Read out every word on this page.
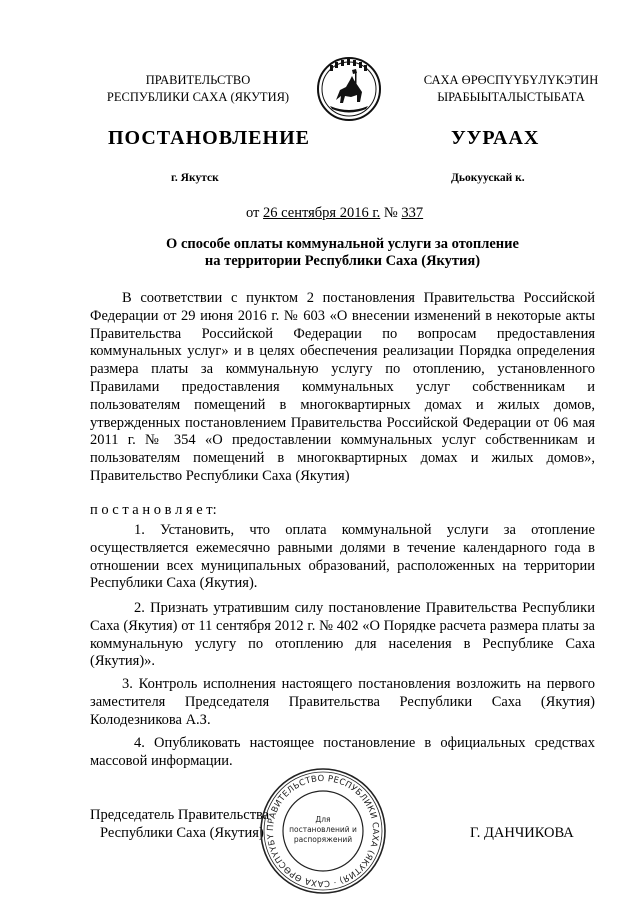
ПРАВИТЕЛЬСТВО
РЕСПУБЛИКИ САХА (ЯКУТИЯ)
САХА ӨРӨСПҮҮБҮЛҮКЭТИН
ЫРАБЫЫТАЛЫСТЫБАТА
ПОСТАНОВЛЕНИЕ	УУРААХ
г. Якутск	Дьокуускай к.
от 26 сентября 2016 г. № 337
О способе оплаты коммунальной услуги за отопление
на территории Республики Саха (Якутия)
В соответствии с пунктом 2 постановления Правительства Российской Федерации от 29 июня 2016 г. № 603 «О внесении изменений в некоторые акты Правительства Российской Федерации по вопросам предоставления коммунальных услуг» и в целях обеспечения реализации Порядка определения размера платы за коммунальную услугу по отоплению, установленного Правилами предоставления коммунальных услуг собственникам и пользователям помещений в многоквартирных домах и жилых домов, утвержденных постановлением Правительства Российской Федерации от 06 мая 2011 г. № 354 «О предоставлении коммунальных услуг собственникам и пользователям помещений в многоквартирных домах и жилых домов», Правительство Республики Саха (Якутия)
п о с т а н о в л я е т:
1. Установить, что оплата коммунальной услуги за отопление осуществляется ежемесячно равными долями в течение календарного года в отношении всех муниципальных образований, расположенных на территории Республики Саха (Якутия).
2. Признать утратившим силу постановление Правительства Республики Саха (Якутия) от 11 сентября 2012 г. № 402 «О Порядке расчета размера платы за коммунальную услугу по отоплению для населения в Республике Саха (Якутия)».
3. Контроль исполнения настоящего постановления возложить на первого заместителя Председателя Правительства Республики Саха (Якутия) Колодезникова А.З.
4. Опубликовать настоящее постановление в официальных средствах массовой информации.
Председатель Правительства
Республики Саха (Якутия)	Г. ДАНЧИКОВА
ПРАВИТЕЛЬСТВО РЕСПУБЛИКИ САХА (ЯКУТИЯ) · САХА ӨРӨСПҮҮБҮ
Для
постановлений и
распоряжений
